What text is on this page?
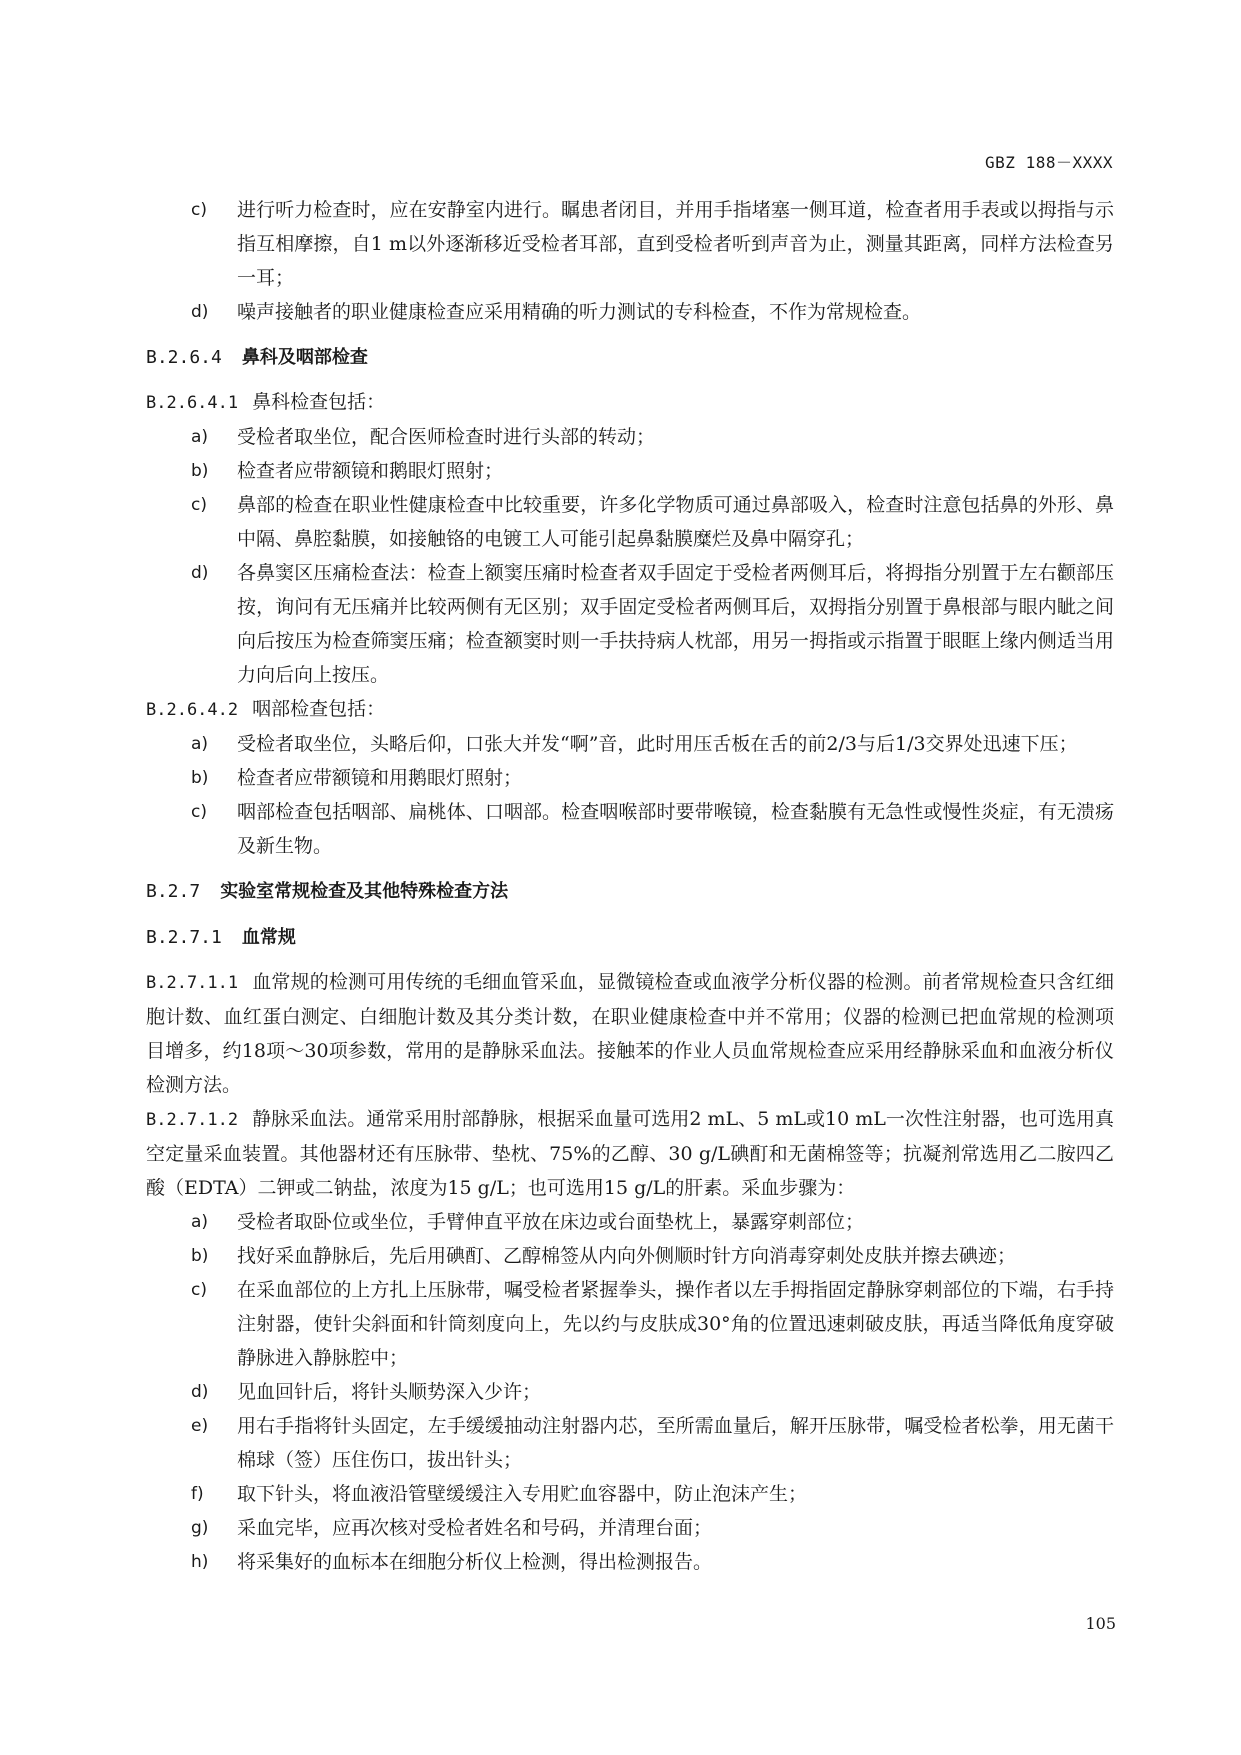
GBZ 188－XXXX
c)	进行听力检查时，应在安静室内进行。瞩患者闭目，并用手指堵塞一侧耳道，检查者用手表或以拇指与示指互相摩擦，自1 m以外逐渐移近受检者耳部，直到受检者听到声音为止，测量其距离，同样方法检查另一耳；
d)	噪声接触者的职业健康检查应采用精确的听力测试的专科检查，不作为常规检查。
B.2.6.4 鼻科及咽部检查
B.2.6.4.1 鼻科检查包括：
a)	受检者取坐位，配合医师检查时进行头部的转动；
b)	检查者应带额镜和鹅眼灯照射；
c)	鼻部的检查在职业性健康检查中比较重要，许多化学物质可通过鼻部吸入，检查时注意包括鼻的外形、鼻中隔、鼻腔黏膜，如接触铬的电镀工人可能引起鼻黏膜糜烂及鼻中隔穿孔；
d)	各鼻窦区压痛检查法：检查上额窦压痛时检查者双手固定于受检者两侧耳后，将拇指分别置于左右颧部压按，询问有无压痛并比较两侧有无区别；双手固定受检者两侧耳后，双拇指分别置于鼻根部与眼内眦之间向后按压为检查筛窦压痛；检查额窦时则一手扶持病人枕部，用另一拇指或示指置于眼眶上缘内侧适当用力向后向上按压。
B.2.6.4.2 咽部检查包括：
a)	受检者取坐位，头略后仰，口张大并发“啊”音，此时用压舌板在舌的前2/3与后1/3交界处迅速下压；
b)	检查者应带额镜和用鹅眼灯照射；
c)	咽部检查包括咽部、扁桃体、口咽部。检查咽喉部时要带喉镜，检查黏膜有无急性或慢性炎症，有无溃疡及新生物。
B.2.7 实验室常规检查及其他特殊检查方法
B.2.7.1 血常规
B.2.7.1.1 血常规的检测可用传统的毛细血管采血，显微镜检查或血液学分析仪器的检测。前者常规检查只含红细胞计数、血红蛋白测定、白细胞计数及其分类计数，在职业健康检查中并不常用；仪器的检测已把血常规的检测项目增多，约18项～30项参数，常用的是静脉采血法。接触苯的作业人员血常规检查应采用经静脉采血和血液分析仪检测方法。
B.2.7.1.2 静脉采血法。通常采用肘部静脉，根据采血量可选用2 mL、5 mL或10 mL一次性注射器，也可选用真空定量采血装置。其他器材还有压脉带、垫枕、75%的乙醇、30 g/L碘酊和无菌棉签等；抗凝剂常选用乙二胺四乙酸（EDTA）二钾或二钠盐，浓度为15 g/L；也可选用15 g/L的肝素。采血步骤为：
a)	受检者取卧位或坐位，手臂伸直平放在床边或台面垫枕上，暴露穿刺部位；
b)	找好采血静脉后，先后用碘酊、乙醇棉签从内向外侧顺时针方向消毒穿刺处皮肤并擦去碘迹；
c)	在采血部位的上方扎上压脉带，嘱受检者紧握拳头，操作者以左手拇指固定静脉穿刺部位的下端，右手持注射器，使针尖斜面和针筒刻度向上，先以约与皮肤成30°角的位置迅速刺破皮肤，再适当降低角度穿破静脉进入静脉腔中；
d)	见血回针后，将针头顺势深入少许；
e)	用右手指将针头固定，左手缓缓抽动注射器内芯，至所需血量后，解开压脉带，嘱受检者松拳，用无菌干棉球（签）压住伤口，拔出针头；
f)	取下针头，将血液沿管壁缓缓注入专用贮血容器中，防止泡沫产生；
g)	采血完毕，应再次核对受检者姓名和号码，并清理台面；
h)	将采集好的血标本在细胞分析仪上检测，得出检测报告。
105
